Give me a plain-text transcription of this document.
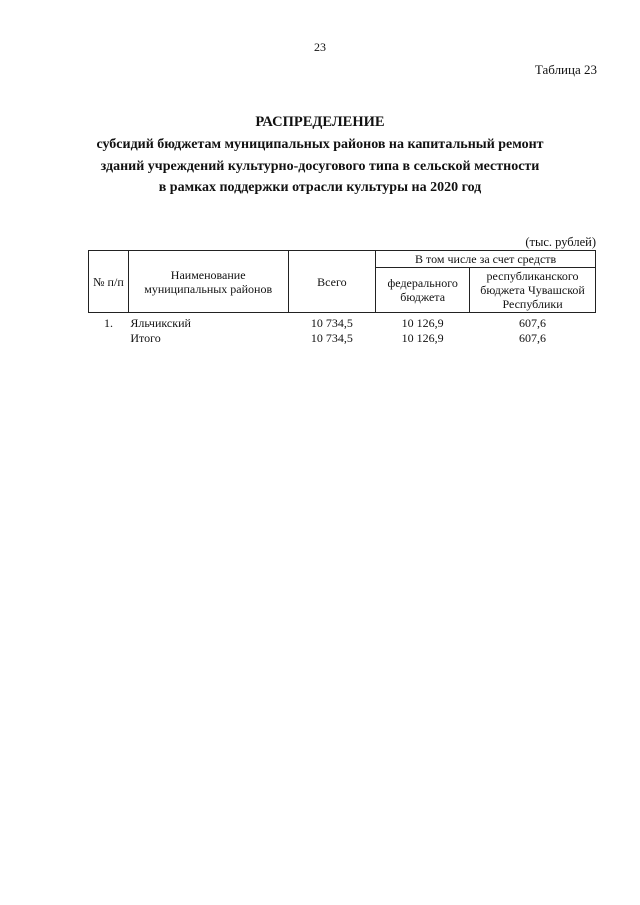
23
Таблица 23
РАСПРЕДЕЛЕНИЕ
субсидий бюджетам муниципальных районов на капитальный ремонт
зданий учреждений культурно-досугового типа в сельской местности
в рамках поддержки отрасли культуры на 2020 год
(тыс. рублей)
№ п/п	Наименование муниципальных районов	Всего	В том числе за счет средств	
			федерального бюджета	республиканского бюджета Чувашской Республики
1.	Яльчикский	10 734,5	10 126,9	607,6
	Итого	10 734,5	10 126,9	607,6
